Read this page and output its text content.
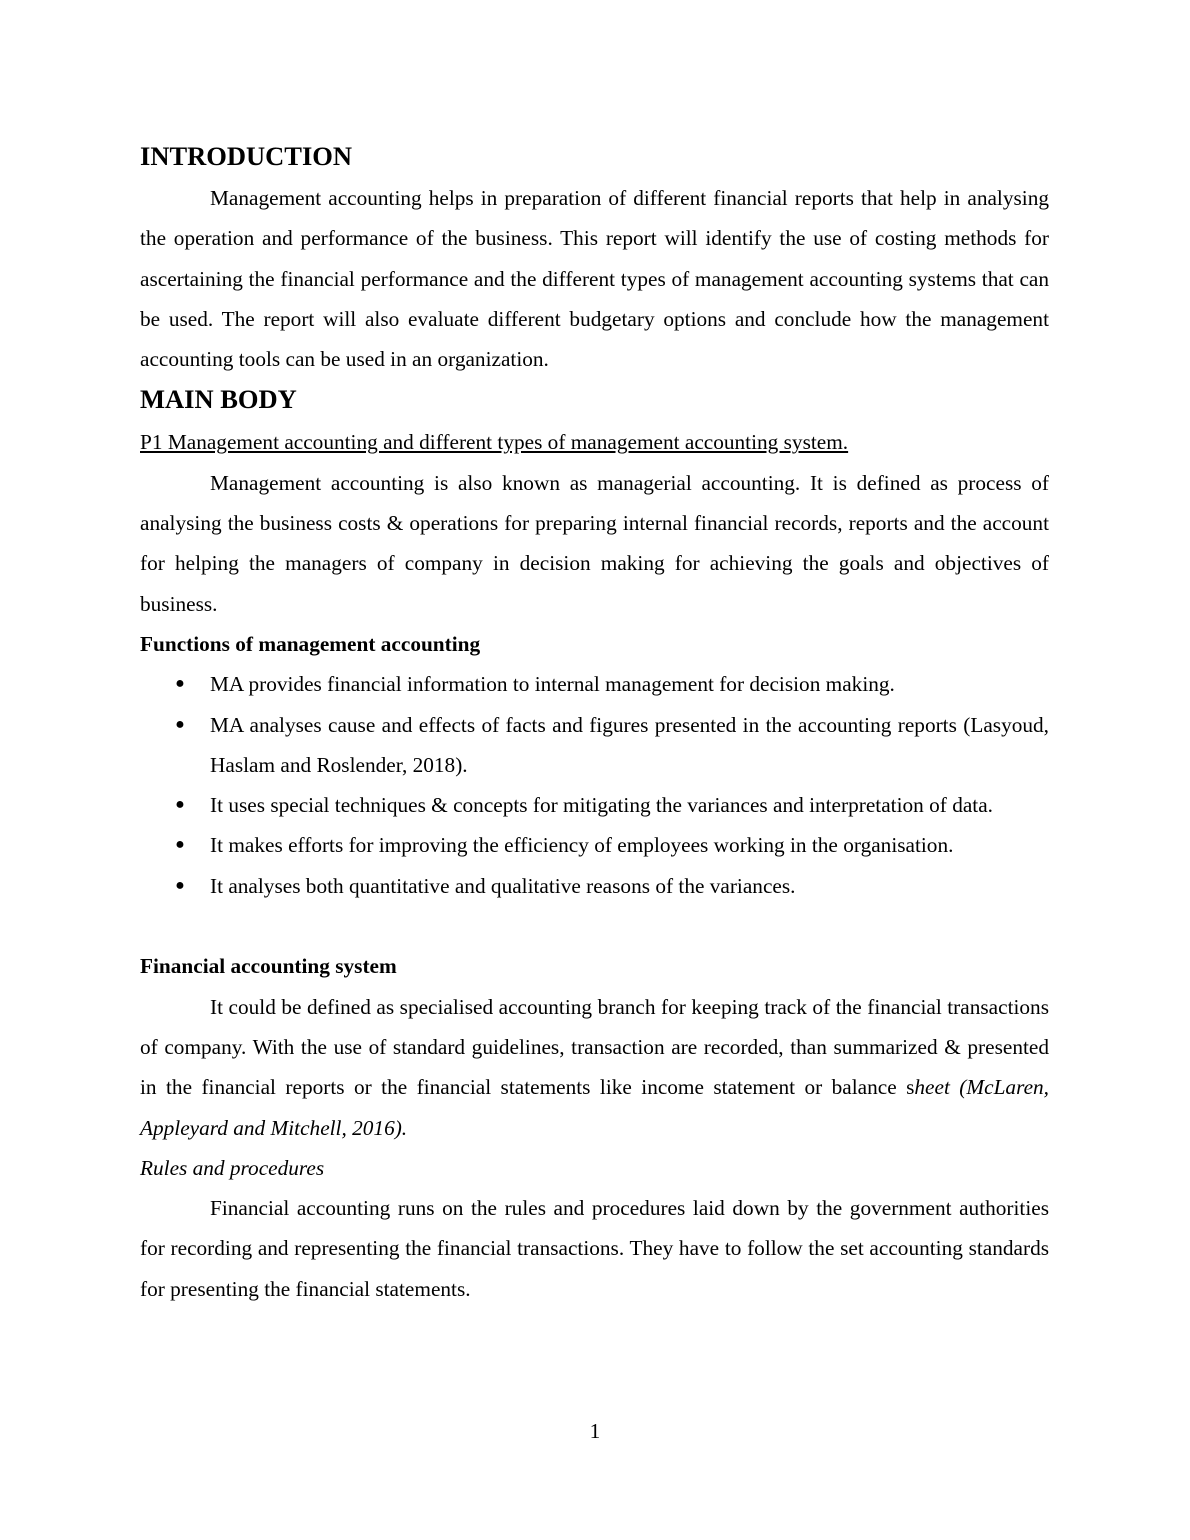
INTRODUCTION

Management accounting helps in preparation of different financial reports that help in analysing the operation and performance of the business. This report will identify the use of costing methods for ascertaining the financial performance and the different types of management accounting systems that can be used. The report will also evaluate different budgetary options and conclude how the management accounting tools can be used in an organization.

MAIN BODY

P1 Management accounting and different types of management accounting system.

Management accounting is also known as managerial accounting. It is defined as process of analysing the business costs & operations for preparing internal financial records, reports and the account for helping the managers of company in decision making for achieving the goals and objectives of business.

Functions of management accounting

● MA provides financial information to internal management for decision making.
● MA analyses cause and effects of facts and figures presented in the accounting reports (Lasyoud, Haslam and Roslender, 2018).
● It uses special techniques & concepts for mitigating the variances and interpretation of data.
● It makes efforts for improving the efficiency of employees working in the organisation.
● It analyses both quantitative and qualitative reasons of the variances.

Financial accounting system

It could be defined as specialised accounting branch for keeping track of the financial transactions of company. With the use of standard guidelines, transaction are recorded, than summarized & presented in the financial reports or the financial statements like income statement or balance sheet (McLaren, Appleyard and Mitchell, 2016).

Rules and procedures

Financial accounting runs on the rules and procedures laid down by the government authorities for recording and representing the financial transactions. They have to follow the set accounting standards for presenting the financial statements.

1
